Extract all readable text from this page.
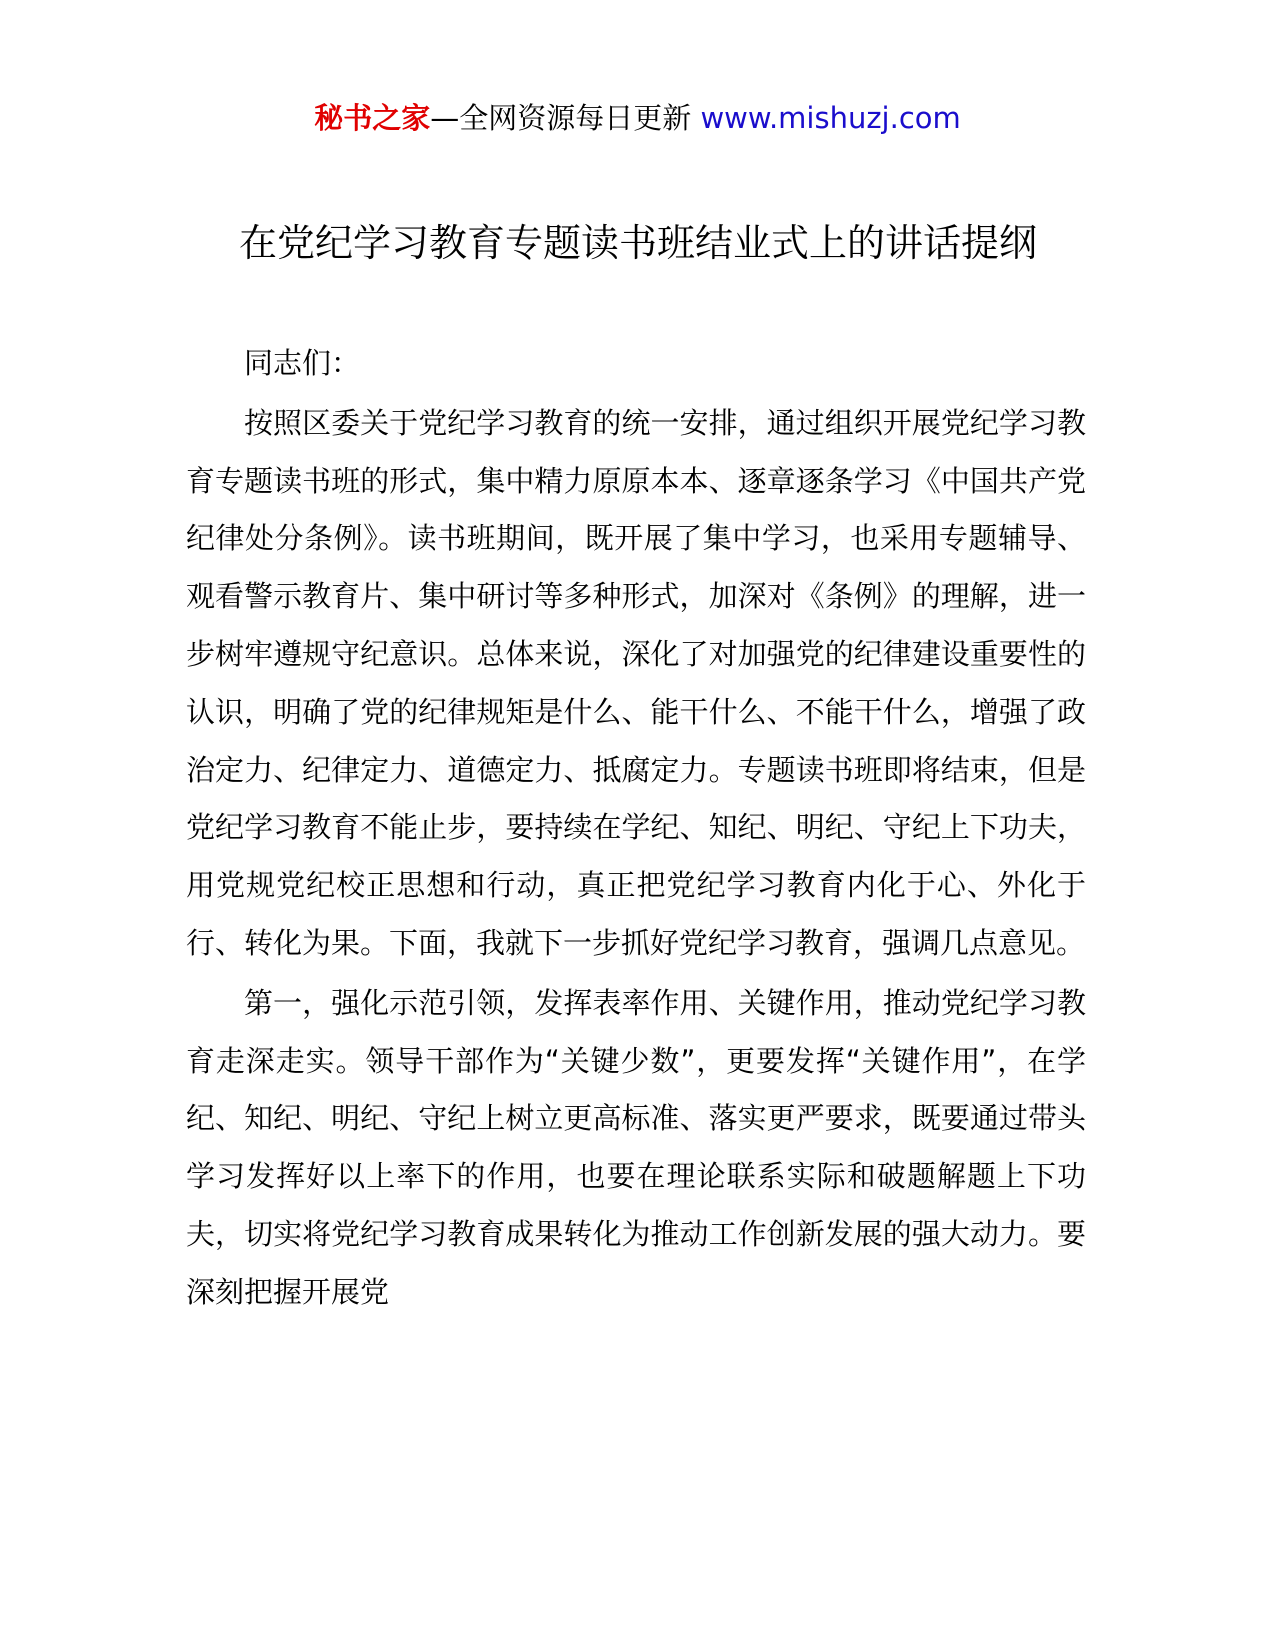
秘书之家—全网资源每日更新 www.mishuzj.com
在党纪学习教育专题读书班结业式上的讲话提纲

同志们：

按照区委关于党纪学习教育的统一安排，通过组织开展党纪学习教育专题读书班的形式，集中精力原原本本、逐章逐条学习《中国共产党纪律处分条例》。读书班期间，既开展了集中学习，也采用专题辅导、观看警示教育片、集中研讨等多种形式，加深对《条例》的理解，进一步树牢遵规守纪意识。总体来说，深化了对加强党的纪律建设重要性的认识，明确了党的纪律规矩是什么、能干什么、不能干什么，增强了政治定力、纪律定力、道德定力、抵腐定力。专题读书班即将结束，但是党纪学习教育不能止步，要持续在学纪、知纪、明纪、守纪上下功夫，用党规党纪校正思想和行动，真正把党纪学习教育内化于心、外化于行、转化为果。下面，我就下一步抓好党纪学习教育，强调几点意见。

第一，强化示范引领，发挥表率作用、关键作用，推动党纪学习教育走深走实。领导干部作为“关键少数”，更要发挥“关键作用”，在学纪、知纪、明纪、守纪上树立更高标准、落实更严要求，既要通过带头学习发挥好以上率下的作用，也要在理论联系实际和破题解题上下功夫，切实将党纪学习教育成果转化为推动工作创新发展的强大动力。要深刻把握开展党
